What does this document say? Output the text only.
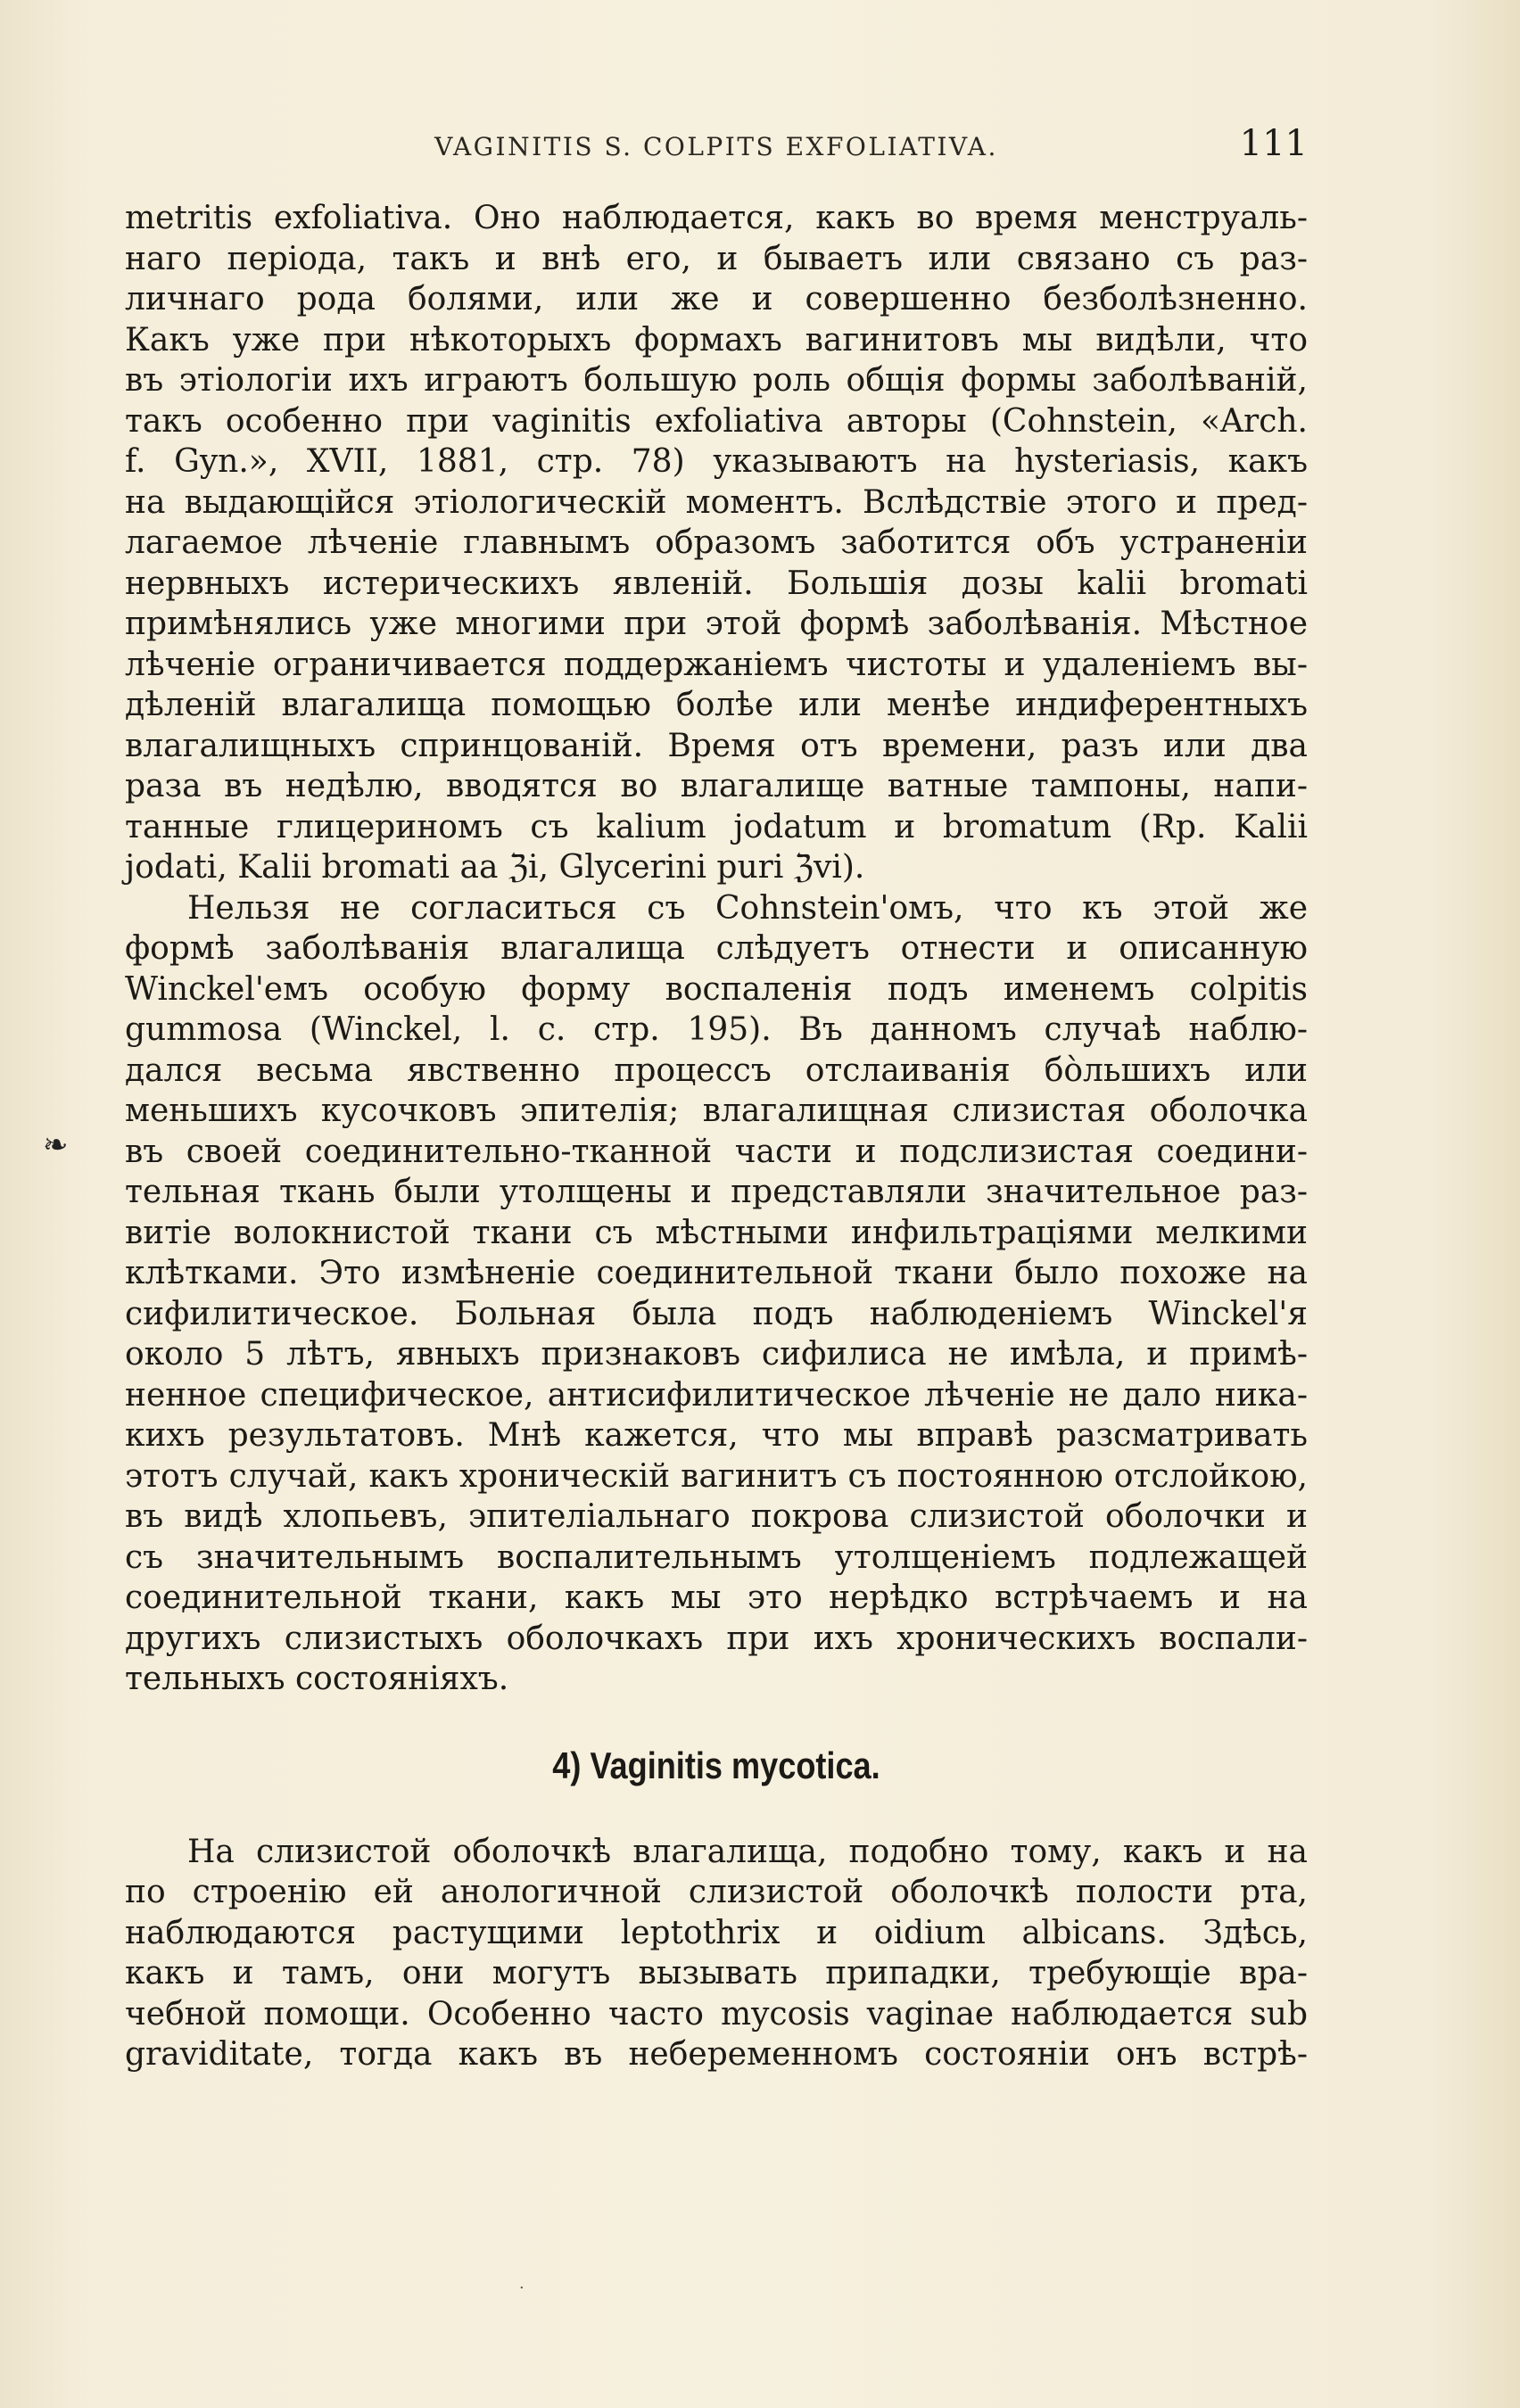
VAGINITIS S. COLPITS EXFOLIATIVA.	111
❧
metritis exfoliativa. Оно наблюдается, какъ во время менструаль-
наго періода, такъ и внѣ его, и бываетъ или связано съ раз-
личнаго рода болями, или же и совершенно безболѣзненно.
Какъ уже при нѣкоторыхъ формахъ вагинитовъ мы видѣли, что
въ этіологіи ихъ играютъ большую роль общія формы заболѣваній,
такъ особенно при vaginitis exfoliativa авторы (Cohnstein, «Arch.
f. Gyn.», XVII, 1881, стр. 78) указываютъ на hysteriasis, какъ
на выдающійся этіологическій моментъ. Вслѣдствіе этого и пред-
лагаемое лѣченіе главнымъ образомъ заботится объ устраненіи
нервныхъ истерическихъ явленій. Большія дозы kalii bromati
примѣнялись уже многими при этой формѣ заболѣванія. Мѣстное
лѣченіе ограничивается поддержаніемъ чистоты и удаленіемъ вы-
дѣленій влагалища помощью болѣе или менѣе индиферентныхъ
влагалищныхъ спринцованій. Время отъ времени, разъ или два
раза въ недѣлю, вводятся во влагалище ватные тампоны, напи-
танные глицериномъ съ kalium jodatum и bromatum (Rp. Kalii
jodati, Kalii bromati aa ℨi, Glycerini puri ℨvi).
Нельзя не согласиться съ Cohnstein'омъ, что къ этой же
формѣ заболѣванія влагалища слѣдуетъ отнести и описанную
Winckel'емъ особую форму воспаленія подъ именемъ colpitis
gummosa (Winckel, l. c. стр. 195). Въ данномъ случаѣ наблю-
дался весьма явственно процессъ отслаиванія бо̀льшихъ или
меньшихъ кусочковъ эпителія; влагалищная слизистая оболочка
въ своей соединительно-тканной части и подслизистая соедини-
тельная ткань были утолщены и представляли значительное раз-
витіе волокнистой ткани съ мѣстными инфильтраціями мелкими
клѣтками. Это измѣненіе соединительной ткани было похоже на
сифилитическое. Больная была подъ наблюденіемъ Winckel'я
около 5 лѣтъ, явныхъ признаковъ сифилиса не имѣла, и примѣ-
ненное специфическое, антисифилитическое лѣченіе не дало ника-
кихъ результатовъ. Мнѣ кажется, что мы вправѣ разсматривать
этотъ случай, какъ хроническій вагинитъ съ постоянною отслойкою,
въ видѣ хлопьевъ, эпителіальнаго покрова слизистой оболочки и
съ значительнымъ воспалительнымъ утолщеніемъ подлежащей
соединительной ткани, какъ мы это нерѣдко встрѣчаемъ и на
другихъ слизистыхъ оболочкахъ при ихъ хроническихъ воспали-
тельныхъ состояніяхъ.
4) Vaginitis mycotica.
На слизистой оболочкѣ влагалища, подобно тому, какъ и на
по строенію ей анологичной слизистой оболочкѣ полости рта,
наблюдаются растущими leptothrix и oidium albicans. Здѣсь,
какъ и тамъ, они могутъ вызывать припадки, требующіе вра-
чебной помощи. Особенно часто mycosis vaginae наблюдается sub
graviditate, тогда какъ въ небеременномъ состояніи онъ встрѣ-
·
